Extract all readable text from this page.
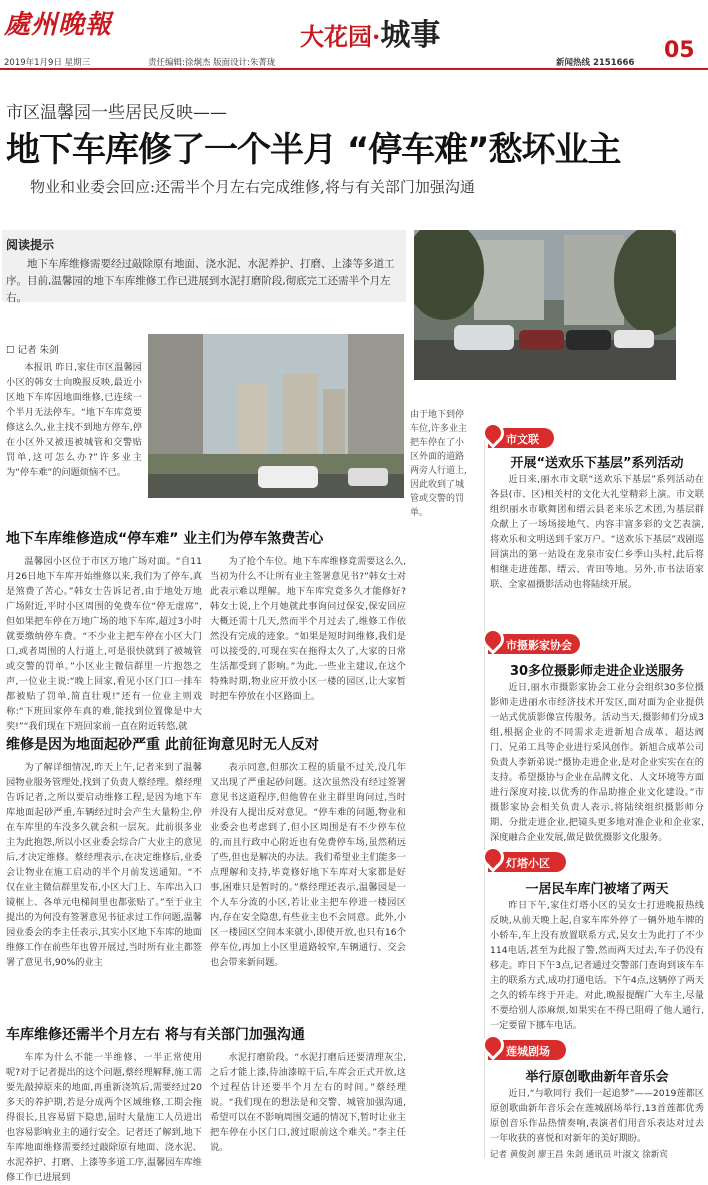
處州晚報	大花园·城事	05
2019年1月9日 星期三	责任编辑:徐炯杰 版面设计:朱菁珑	新闻热线 2151666
市区温馨园一些居民反映——
地下车库修了一个半月 “停车难”愁坏业主
物业和业委会回应:还需半个月左右完成维修,将与有关部门加强沟通
阅读提示
地下车库维修需要经过敲除原有地面、浇水泥、水泥养护、打磨、上漆等多道工序。目前,温馨园的地下车库维修工作已进展到水泥打磨阶段,彻底完工还需半个月左右。
由于地下到停车位,许多业主把车停在了小区外面的道路两旁人行道上,因此收到了城管或交警的罚单。
☐ 记者 朱剑
本报讯 昨日,家住市区温馨园小区的韩女士向晚报反映,最近小区地下车库因地面维修,已连续一个半月无法停车。“地下车库竟要修这么久,业主找不到地方停车,停在小区外又被违被城管和交警贴罚单,这可怎么办?”许多业主为“停车难”的问题烦恼不已。
地下车库维修造成“停车难” 业主们为停车煞费苦心
温馨园小区位于市区万地广场对面。“自11月26日地下车库开始维修以来,我们为了停车,真是煞费了苦心。”韩女士告诉记者,由于地处万地广场附近,平时小区周围的免费车位“停无虚席”,但如果把车停在万地广场的地下车库,超过3小时就要缴纳停车费。“不少业主把车停在小区大门口,或者周围的人行道上,可是很快就到了被城管或交警的罚单。”小区业主微信群里一片抱怨之声,一位业主说:“晚上回家,看见小区门口一排车都被贴了罚单,简直壮观!”还有一位业主则戏称:“下班回家停车真的难,能找到位置像是中大奖!”“我们现在下班回家前一直在附近转悠,就
为了抢个车位。地下车库维修竟需要这么久,当初为什么不让所有业主签署意见书?”韩女士对此表示难以理解。地下车库究竟多久才能修好?韩女士说,上个月她就此事询问过保安,保安回应大概还需十几天,然而半个月过去了,维修工作依然没有完成的迹象。“如果是短时间维修,我们是可以接受的,可现在实在拖得太久了,大家的日常生活都受到了影响。”为此,一些业主建议,在这个特殊时期,物业应开放小区一楼的园区,让大家暂时把车停放在小区路面上。
维修是因为地面起砂严重 此前征询意见时无人反对
为了解详细情况,昨天上午,记者来到了温馨园物业服务管理处,找到了负责人蔡经理。蔡经理告诉记者,之所以要启动维修工程,是因为地下车库地面起砂严重,车辆经过时会产生大量粉尘,停在车库里的车没多久就会积一层灰。此前很多业主为此抱怨,所以小区业委会综合广大业主的意见后,才决定维修。蔡经理表示,在决定维修后,业委会让物业在施工启动的半个月前发送通知。“不仅在业主微信群里发布,小区大门上、车库出入口镜框上、各单元电梯间里也都张贴了。”至于业主提出的为何没有签署意见书征求过工作问题,温馨园业委会的李主任表示,其实小区地下车库的地面维修工作在前些年也曾开展过,当时所有业主都签署了意见书,90%的业主
表示同意,但那次工程的质量不过关,没几年又出现了严重起砂问题。这次虽然没有经过签署意见书这道程序,但他曾在业主群里询问过,当时并没有人提出反对意见。“停车难的问题,物业和业委会也考虑到了,但小区周围是有不少停车位的,而且行政中心附近也有免费停车场,虽然稍远了些,但也是解决的办法。我们希望业主们能多一点理解和支持,毕竟修好地下车库对大家都是好事,困难只是暂时的。”蔡经理还表示,温馨园是一个人车分流的小区,若让业主把车停进一楼园区内,存在安全隐患,有些业主也不会同意。此外,小区一楼园区空间本来就小,即使开放,也只有16个停车位,再加上小区里道路较窄,车辆通行、交会也会带来新问题。
车库维修还需半个月左右 将与有关部门加强沟通
车库为什么不能一半维修、一半正常使用呢?对于记者提出的这个问题,蔡经理解释,施工需要先敲掉原来的地面,再重新浇筑后,需要经过20多天的养护期,若是分成两个区域维修,工期会拖得很长,且容易留下隐患,届时大量施工人员进出也容易影响业主的通行安全。记者还了解到,地下车库地面维修需要经过敲除原有地面、浇水泥、水泥养护、打磨、上漆等多道工序,温馨园车库维修工作已进展到
水泥打磨阶段。“水泥打磨后还要清理灰尘,之后才能上漆,待油漆晾干后,车库会正式开放,这个过程估计还要半个月左右的时间。”蔡经理说。“我们现在的想法是和交警、城管加强沟通,希望可以在不影响周围交通的情况下,暂时让业主把车停在小区门口,渡过眼前这个难关。”李主任说。
市文联
开展“送欢乐下基层”系列活动
近日来,丽水市文联“送欢乐下基层”系列活动在各县(市、区)相关村的文化大礼堂精彩上演。市文联组织丽水市歌舞团和缙云县老来乐艺术团,为基层群众献上了一场场接地气、内容丰富多彩的文艺表演,将欢乐和文明送到千家万户。“送欢乐下基层”戏剧巡回演出的第一站设在龙泉市安仁乡季山头村,此后将相继走进莲都、缙云、青田等地。另外,市书法语家联、全家福摄影活动也将陆续开展。
市摄影家协会
30多位摄影师走进企业送服务
近日,丽水市摄影家协会工业分会组织30多位摄影师走进丽水市经济技术开发区,面对面为企业提供一站式优质影像宣传服务。活动当天,摄影师们分成3组,根据企业的不同需求走进新旭合成革、超达阀门、兄弟工具等企业进行采风创作。新旭合成革公司负责人李新弟说:“摄协走进企业,是对企业实实在在的支持。希望摄协与企业在品牌文化、人文环境等方面进行深度对接,以优秀的作品助推企业文化建设。”市摄影家协会相关负责人表示,将陆续组织摄影师分期、分批走进企业,把镜头更多地对准企业和企业家,深度融合企业发展,做足做优摄影文化服务。
灯塔小区
一居民车库门被堵了两天
昨日下午,家住灯塔小区的吴女士打进晚报热线反映,从前天晚上起,自家车库外停了一辆外地车牌的小轿车,车上没有放置联系方式,吴女士为此打了不少114电话,甚至为此报了警,然而两天过去,车子仍没有移走。昨日下午3点,记者通过交警部门查询到该车车主的联系方式,成功打通电话。下午4点,这辆停了两天之久的轿车终于开走。对此,晚报提醒广大车主,尽量不要给别人添麻烦,如果实在不得已阻碍了他人通行,一定要留下挪车电话。
莲城剧场
举行原创歌曲新年音乐会
近日,“与歌同行 我们一起追梦”——2019莲都区原创歌曲新年音乐会在莲城剧场举行,13首莲都优秀原创音乐作品热情奏响,表演者们用音乐表达对过去一年收获的喜悦和对新年的美好期盼。
记者 黄俊剑 廖王昌 朱剑 通讯员 叶淑文 徐新宾
